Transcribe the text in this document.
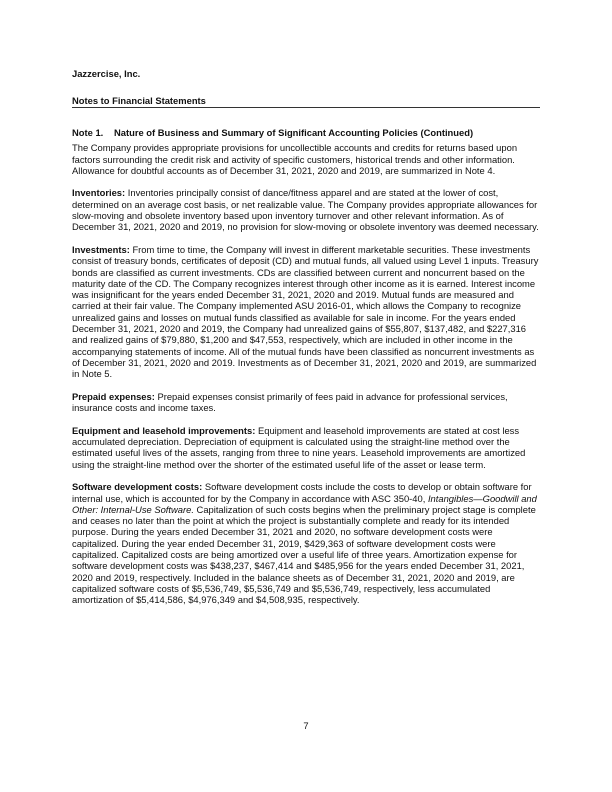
Jazzercise, Inc.
Notes to Financial Statements
Note 1. Nature of Business and Summary of Significant Accounting Policies (Continued)

The Company provides appropriate provisions for uncollectible accounts and credits for returns based upon factors surrounding the credit risk and activity of specific customers, historical trends and other information. Allowance for doubtful accounts as of December 31, 2021, 2020 and 2019, are summarized in Note 4.

Inventories: Inventories principally consist of dance/fitness apparel and are stated at the lower of cost, determined on an average cost basis, or net realizable value. The Company provides appropriate allowances for slow-moving and obsolete inventory based upon inventory turnover and other relevant information. As of December 31, 2021, 2020 and 2019, no provision for slow-moving or obsolete inventory was deemed necessary.

Investments: From time to time, the Company will invest in different marketable securities. These investments consist of treasury bonds, certificates of deposit (CD) and mutual funds, all valued using Level 1 inputs. Treasury bonds are classified as current investments. CDs are classified between current and noncurrent based on the maturity date of the CD. The Company recognizes interest through other income as it is earned. Interest income was insignificant for the years ended December 31, 2021, 2020 and 2019. Mutual funds are measured and carried at their fair value. The Company implemented ASU 2016-01, which allows the Company to recognize unrealized gains and losses on mutual funds classified as available for sale in income. For the years ended December 31, 2021, 2020 and 2019, the Company had unrealized gains of $55,807, $137,482, and $227,316 and realized gains of $79,880, $1,200 and $47,553, respectively, which are included in other income in the accompanying statements of income. All of the mutual funds have been classified as noncurrent investments as of December 31, 2021, 2020 and 2019. Investments as of December 31, 2021, 2020 and 2019, are summarized in Note 5.

Prepaid expenses: Prepaid expenses consist primarily of fees paid in advance for professional services, insurance costs and income taxes.

Equipment and leasehold improvements: Equipment and leasehold improvements are stated at cost less accumulated depreciation. Depreciation of equipment is calculated using the straight-line method over the estimated useful lives of the assets, ranging from three to nine years. Leasehold improvements are amortized using the straight-line method over the shorter of the estimated useful life of the asset or lease term.

Software development costs: Software development costs include the costs to develop or obtain software for internal use, which is accounted for by the Company in accordance with ASC 350-40, Intangibles—Goodwill and Other: Internal-Use Software. Capitalization of such costs begins when the preliminary project stage is complete and ceases no later than the point at which the project is substantially complete and ready for its intended purpose. During the years ended December 31, 2021 and 2020, no software development costs were capitalized. During the year ended December 31, 2019, $429,363 of software development costs were capitalized. Capitalized costs are being amortized over a useful life of three years. Amortization expense for software development costs was $438,237, $467,414 and $485,956 for the years ended December 31, 2021, 2020 and 2019, respectively. Included in the balance sheets as of December 31, 2021, 2020 and 2019, are capitalized software costs of $5,536,749, $5,536,749 and $5,536,749, respectively, less accumulated amortization of $5,414,586, $4,976,349 and $4,508,935, respectively.

7
